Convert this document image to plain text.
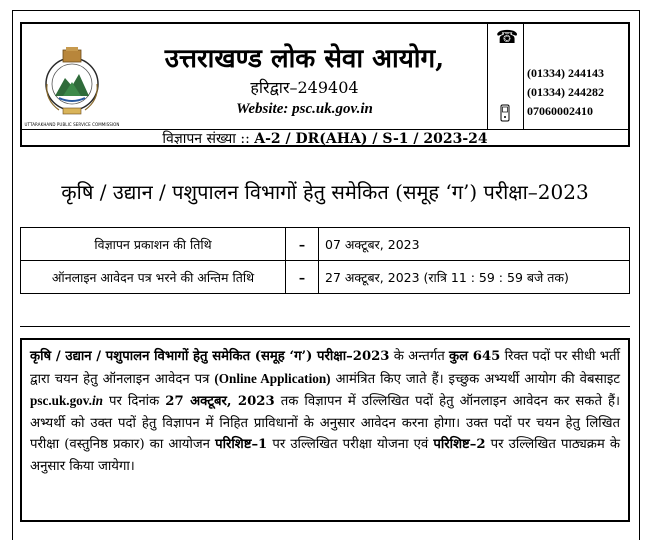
UTTARAKHAND PUBLIC SERVICE COMMISSION
उत्तराखण्ड लोक सेवा आयोग,
हरिद्वार–249404
Website: psc.uk.gov.in
☎
(01334) 244143
(01334) 244282
07060002410
विज्ञापन संख्या :: A-2 / DR(AHA) / S-1 / 2023-24
कृषि / उद्यान / पशुपालन विभागों हेतु समेकित (समूह ‘ग’) परीक्षा–2023
विज्ञापन प्रकाशन की तिथि	–	07 अक्टूबर, 2023
ऑनलाइन आवेदन पत्र भरने की अन्तिम तिथि	–	27 अक्टूबर, 2023 (रात्रि 11 : 59 : 59 बजे तक)
कृषि / उद्यान / पशुपालन विभागों हेतु समेकित (समूह ‘ग’) परीक्षा–2023 के अन्तर्गत कुल 645 रिक्त पदों पर सीधी भर्ती द्वारा चयन हेतु ऑनलाइन आवेदन पत्र (Online Application) आमंत्रित किए जाते हैं। इच्छुक अभ्यर्थी आयोग की वेबसाइट psc.uk.gov.in पर दिनांक 27 अक्टूबर, 2023 तक विज्ञापन में उल्लिखित पदों हेतु ऑनलाइन आवेदन कर सकते हैं। अभ्यर्थी को उक्त पदों हेतु विज्ञापन में निहित प्राविधानों के अनुसार आवेदन करना होगा। उक्त पदों पर चयन हेतु लिखित परीक्षा (वस्तुनिष्ठ प्रकार) का आयोजन परिशिष्ट–1 पर उल्लिखित परीक्षा योजना एवं परिशिष्ट–2 पर उल्लिखित पाठ्यक्रम के अनुसार किया जायेगा।
